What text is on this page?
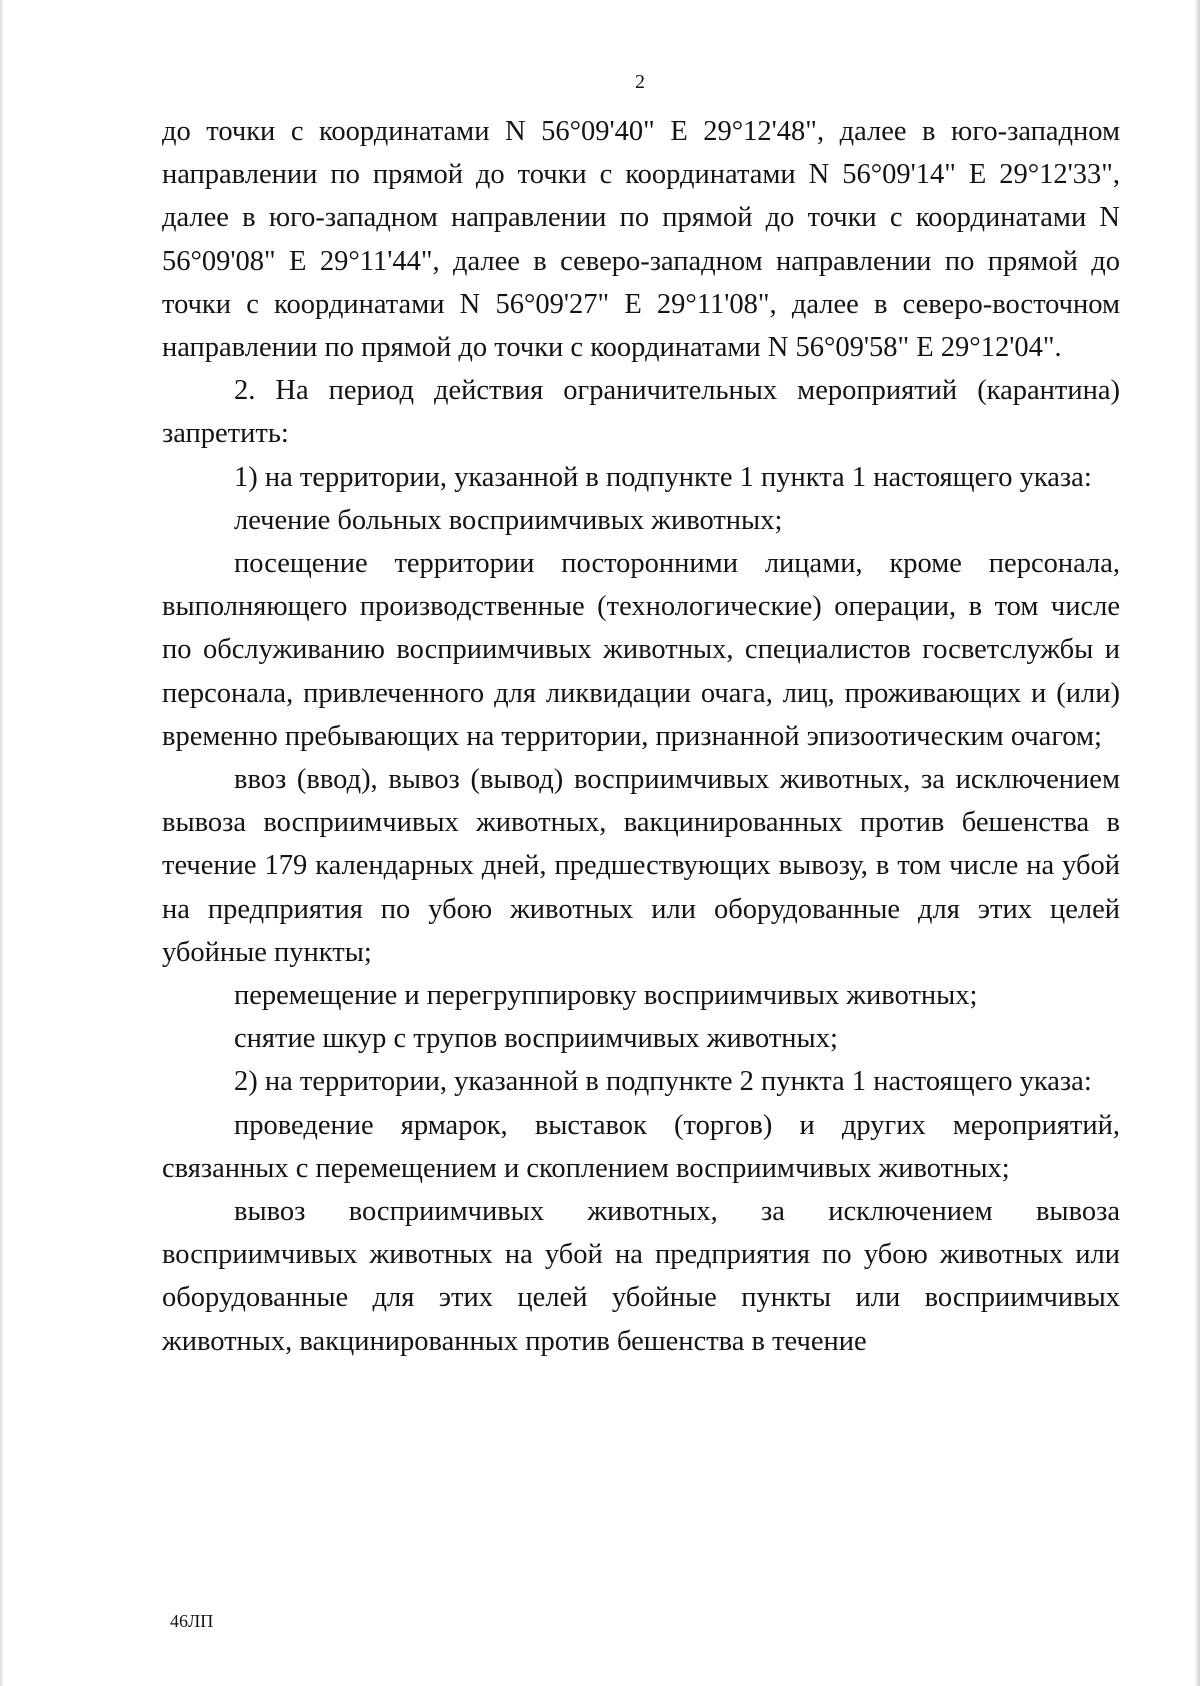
2

до точки с координатами N 56°09'40" E 29°12'48", далее в юго-западном направлении по прямой до точки с координатами N 56°09'14" E 29°12'33", далее в юго-западном направлении по прямой до точки с координатами N 56°09'08" E 29°11'44", далее в северо-западном направлении по прямой до точки с координатами N 56°09'27" E 29°11'08", далее в северо-восточном направлении по прямой до точки с координатами N 56°09'58" E 29°12'04".

2. На период действия ограничительных мероприятий (карантина) запретить:

1) на территории, указанной в подпункте 1 пункта 1 настоящего указа:

лечение больных восприимчивых животных;

посещение территории посторонними лицами, кроме персонала, выполняющего производственные (технологические) операции, в том числе по обслуживанию восприимчивых животных, специалистов госветслужбы и персонала, привлеченного для ликвидации очага, лиц, проживающих и (или) временно пребывающих на территории, признанной эпизоотическим очагом;

ввоз (ввод), вывоз (вывод) восприимчивых животных, за исключением вывоза восприимчивых животных, вакцинированных против бешенства в течение 179 календарных дней, предшествующих вывозу, в том числе на убой на предприятия по убою животных или оборудованные для этих целей убойные пункты;

перемещение и перегруппировку восприимчивых животных;

снятие шкур с трупов восприимчивых животных;

2) на территории, указанной в подпункте 2 пункта 1 настоящего указа:

проведение ярмарок, выставок (торгов) и других мероприятий, связанных с перемещением и скоплением восприимчивых животных;

вывоз восприимчивых животных, за исключением вывоза восприимчивых животных на убой на предприятия по убою животных или оборудованные для этих целей убойные пункты или восприимчивых животных, вакцинированных против бешенства в течение

46ЛП
